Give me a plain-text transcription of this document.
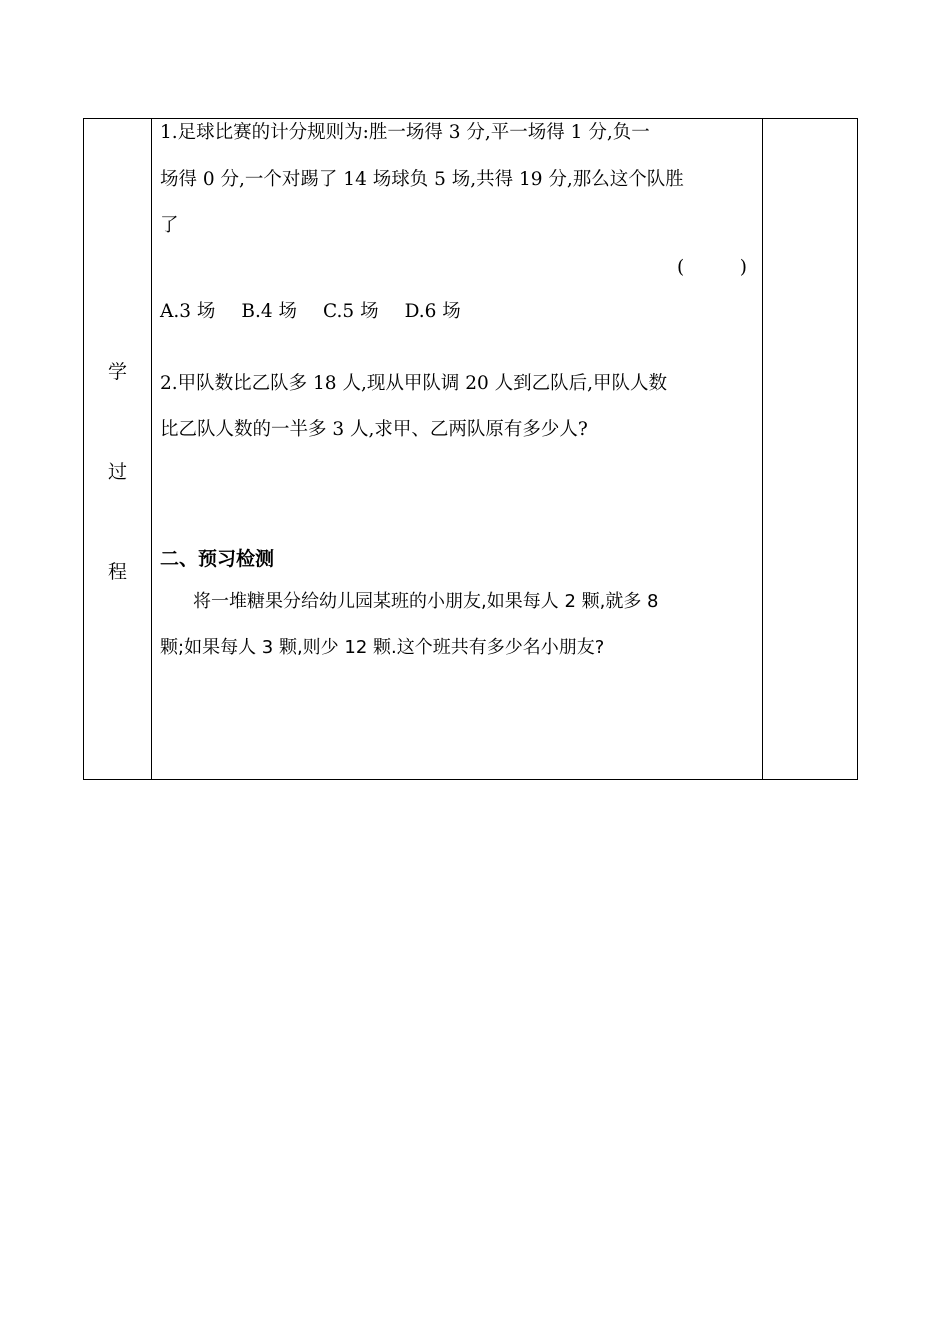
学
过
程
1.足球比赛的计分规则为:胜一场得 3 分,平一场得 1 分,负一
场得 0 分,一个对踢了 14 场球负 5 场,共得 19 分,那么这个队胜
了
(	)
A.3 场 B.4 场 C.5 场 D.6 场
2.甲队数比乙队多 18 人,现从甲队调 20 人到乙队后,甲队人数
比乙队人数的一半多 3 人,求甲、乙两队原有多少人?
二、预习检测
将一堆糖果分给幼儿园某班的小朋友,如果每人 2 颗,就多 8
颗;如果每人 3 颗,则少 12 颗.这个班共有多少名小朋友?
